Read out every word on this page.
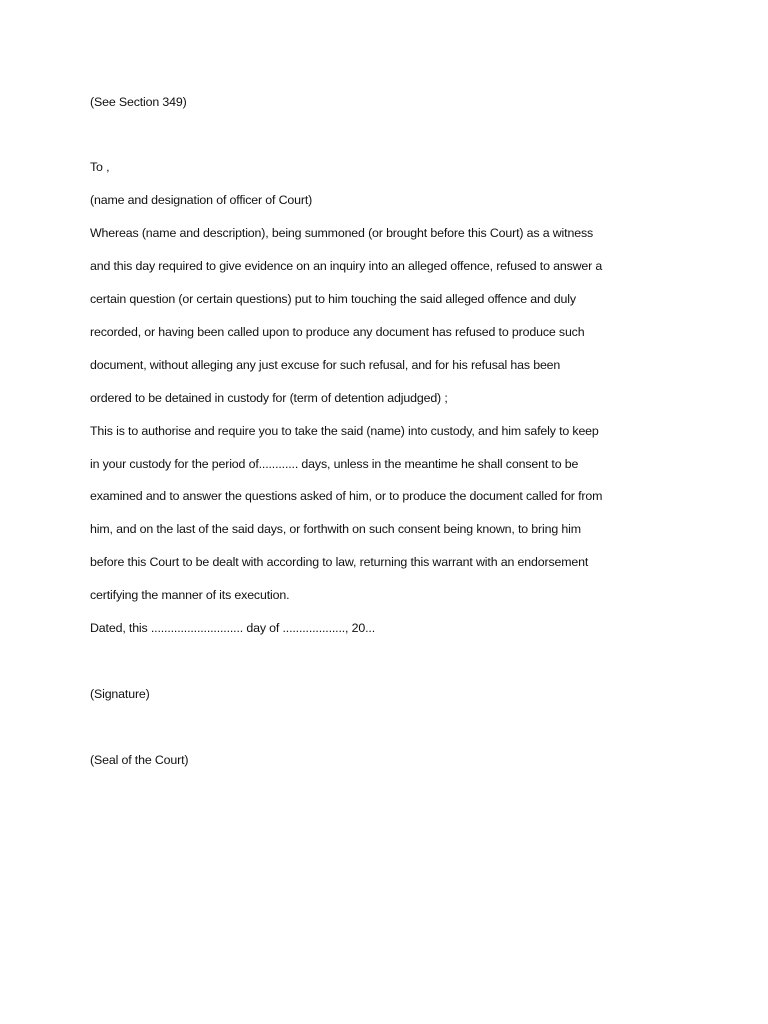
(See Section 349)

To ,

(name and designation of officer of Court)

Whereas (name and description), being summoned (or brought before this Court) as a witness

and this day required to give evidence on an inquiry into an alleged offence, refused to answer a

certain question (or certain questions) put to him touching the said alleged offence and duly

recorded, or having been called upon to produce any document has refused to produce such

document, without alleging any just excuse for such refusal, and for his refusal has been

ordered to be detained in custody for (term of detention adjudged) ;

This is to authorise and require you to take the said (name) into custody, and him safely to keep

in your custody for the period of............ days, unless in the meantime he shall consent to be

examined and to answer the questions asked of him, or to produce the document called for from

him, and on the last of the said days, or forthwith on such consent being known, to bring him

before this Court to be dealt with according to law, returning this warrant with an endorsement

certifying the manner of its execution.

Dated, this ............................ day of ..................., 20...

(Signature)

(Seal of the Court)
